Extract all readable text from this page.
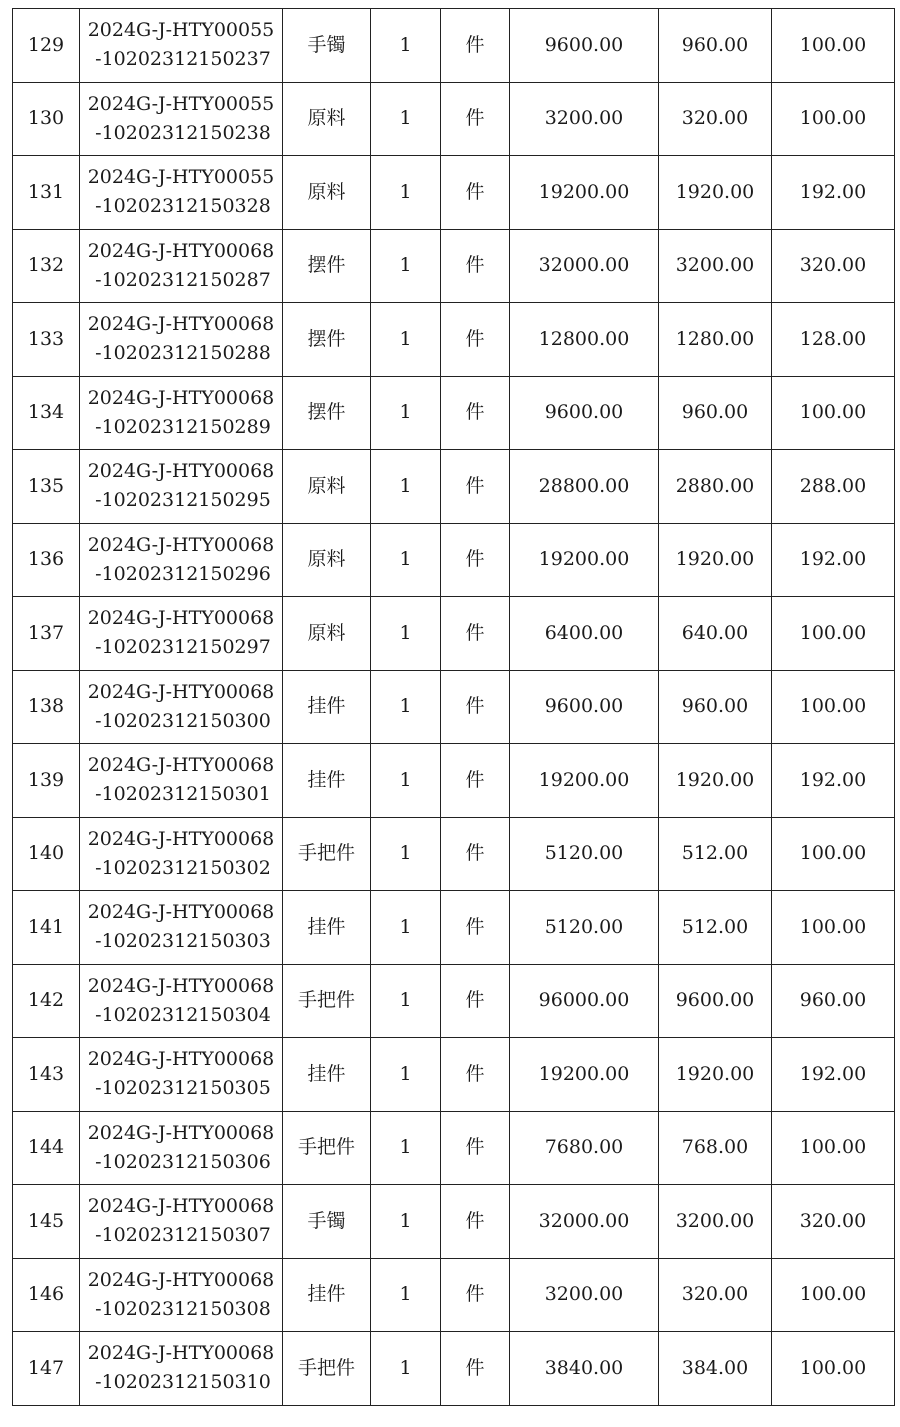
129	2024G-J-HTY00055
-10202312150237	手镯	1	件	9600.00	960.00	100.00
130	2024G-J-HTY00055
-10202312150238	原料	1	件	3200.00	320.00	100.00
131	2024G-J-HTY00055
-10202312150328	原料	1	件	19200.00	1920.00	192.00
132	2024G-J-HTY00068
-10202312150287	摆件	1	件	32000.00	3200.00	320.00
133	2024G-J-HTY00068
-10202312150288	摆件	1	件	12800.00	1280.00	128.00
134	2024G-J-HTY00068
-10202312150289	摆件	1	件	9600.00	960.00	100.00
135	2024G-J-HTY00068
-10202312150295	原料	1	件	28800.00	2880.00	288.00
136	2024G-J-HTY00068
-10202312150296	原料	1	件	19200.00	1920.00	192.00
137	2024G-J-HTY00068
-10202312150297	原料	1	件	6400.00	640.00	100.00
138	2024G-J-HTY00068
-10202312150300	挂件	1	件	9600.00	960.00	100.00
139	2024G-J-HTY00068
-10202312150301	挂件	1	件	19200.00	1920.00	192.00
140	2024G-J-HTY00068
-10202312150302	手把件	1	件	5120.00	512.00	100.00
141	2024G-J-HTY00068
-10202312150303	挂件	1	件	5120.00	512.00	100.00
142	2024G-J-HTY00068
-10202312150304	手把件	1	件	96000.00	9600.00	960.00
143	2024G-J-HTY00068
-10202312150305	挂件	1	件	19200.00	1920.00	192.00
144	2024G-J-HTY00068
-10202312150306	手把件	1	件	7680.00	768.00	100.00
145	2024G-J-HTY00068
-10202312150307	手镯	1	件	32000.00	3200.00	320.00
146	2024G-J-HTY00068
-10202312150308	挂件	1	件	3200.00	320.00	100.00
147	2024G-J-HTY00068
-10202312150310	手把件	1	件	3840.00	384.00	100.00
